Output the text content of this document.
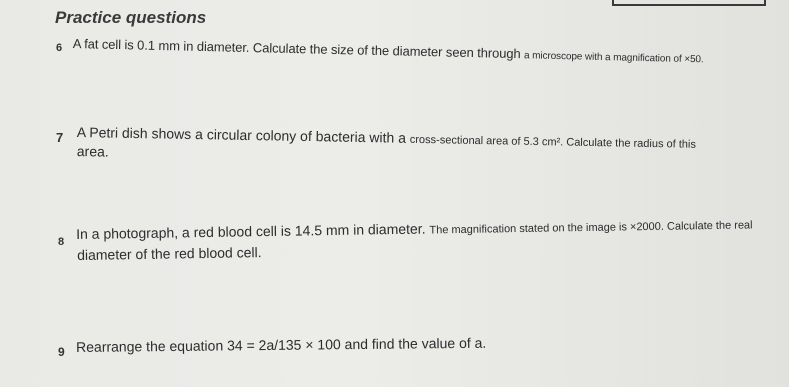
Practice questions
6 A fat cell is 0.1 mm in diameter. Calculate the size of the diameter seen through a microscope with a magnification of ×50.
7 A Petri dish shows a circular colony of bacteria with a cross-sectional area of 5.3 cm². Calculate the radius of this
area.
8
In a photograph, a red blood cell is 14.5 mm in diameter. The magnification stated on the image is ×2000. Calculate the real
diameter of the red blood cell.
9 Rearrange the equation 34 = 2a/135 × 100 and find the value of a.
